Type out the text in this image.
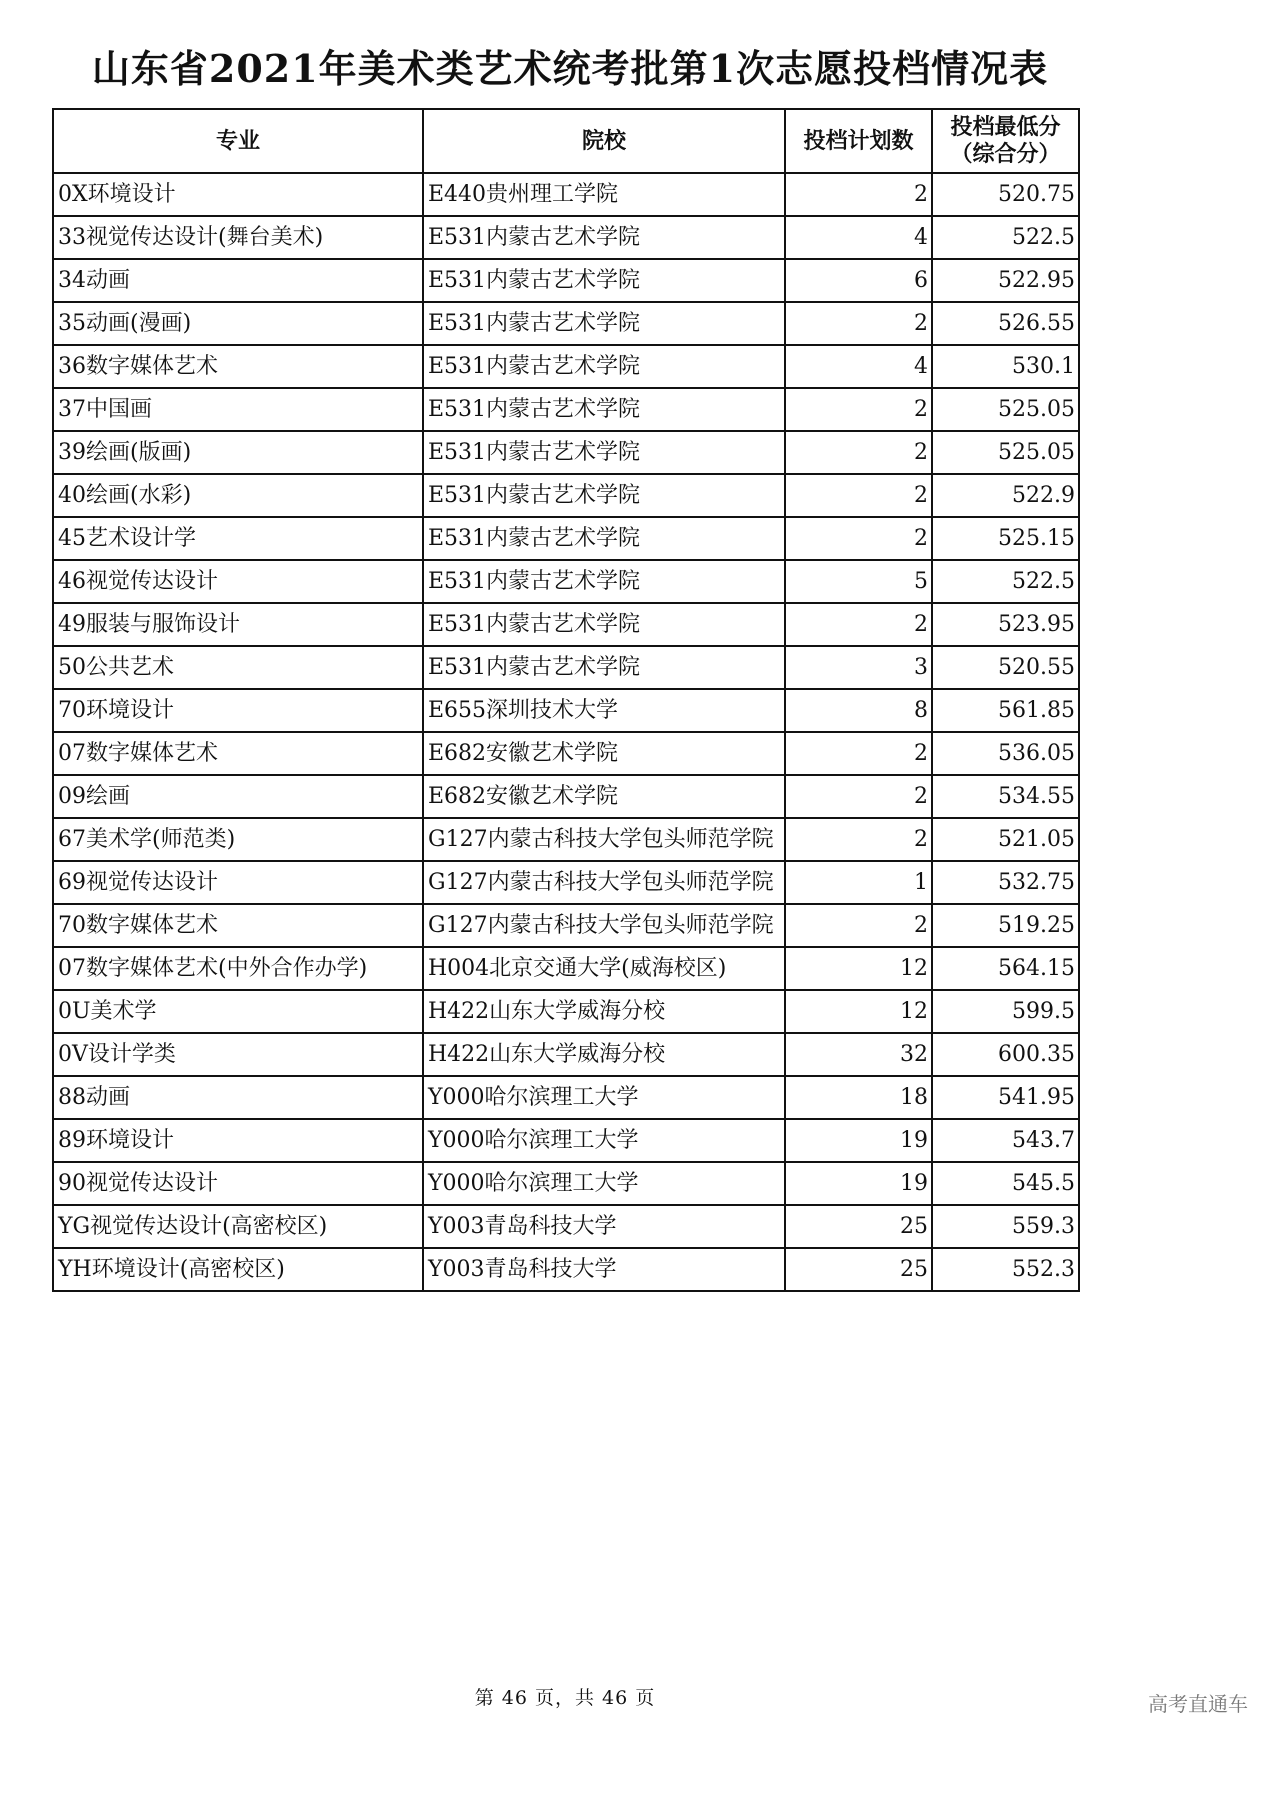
山东省2021年美术类艺术统考批第1次志愿投档情况表
专业	院校	投档计划数	投档最低分
（综合分）

0X环境设计	E440贵州理工学院	2	520.75
33视觉传达设计(舞台美术)	E531内蒙古艺术学院	4	522.5
34动画	E531内蒙古艺术学院	6	522.95
35动画(漫画)	E531内蒙古艺术学院	2	526.55
36数字媒体艺术	E531内蒙古艺术学院	4	530.1
37中国画	E531内蒙古艺术学院	2	525.05
39绘画(版画)	E531内蒙古艺术学院	2	525.05
40绘画(水彩)	E531内蒙古艺术学院	2	522.9
45艺术设计学	E531内蒙古艺术学院	2	525.15
46视觉传达设计	E531内蒙古艺术学院	5	522.5
49服装与服饰设计	E531内蒙古艺术学院	2	523.95
50公共艺术	E531内蒙古艺术学院	3	520.55
70环境设计	E655深圳技术大学	8	561.85
07数字媒体艺术	E682安徽艺术学院	2	536.05
09绘画	E682安徽艺术学院	2	534.55
67美术学(师范类)	G127内蒙古科技大学包头师范学院	2	521.05
69视觉传达设计	G127内蒙古科技大学包头师范学院	1	532.75
70数字媒体艺术	G127内蒙古科技大学包头师范学院	2	519.25
07数字媒体艺术(中外合作办学)	H004北京交通大学(威海校区)	12	564.15
0U美术学	H422山东大学威海分校	12	599.5
0V设计学类	H422山东大学威海分校	32	600.35
88动画	Y000哈尔滨理工大学	18	541.95
89环境设计	Y000哈尔滨理工大学	19	543.7
90视觉传达设计	Y000哈尔滨理工大学	19	545.5
YG视觉传达设计(高密校区)	Y003青岛科技大学	25	559.3
YH环境设计(高密校区)	Y003青岛科技大学	25	552.3
第 46 页，共 46 页	高考直通车
